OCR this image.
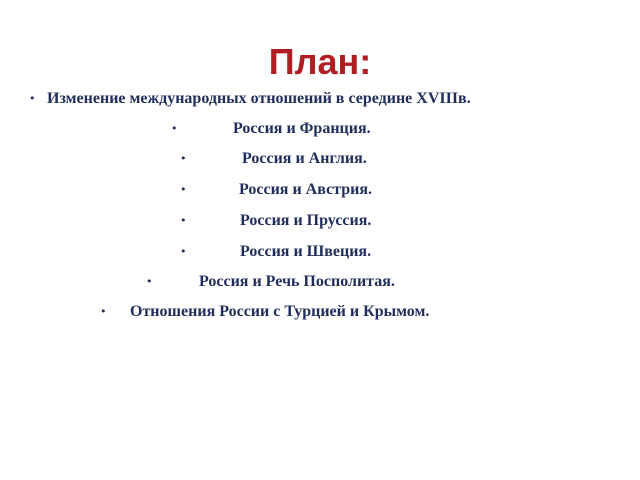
План:
• Изменение международных отношений в середине XVIIIв.
•	Россия и Франция.
•	Россия и Англия.
•	Россия и Австрия.
•	Россия и Пруссия.
•	Россия и Швеция.
•	Россия и Речь Посполитая.
• Отношения России с Турцией и Крымом.
